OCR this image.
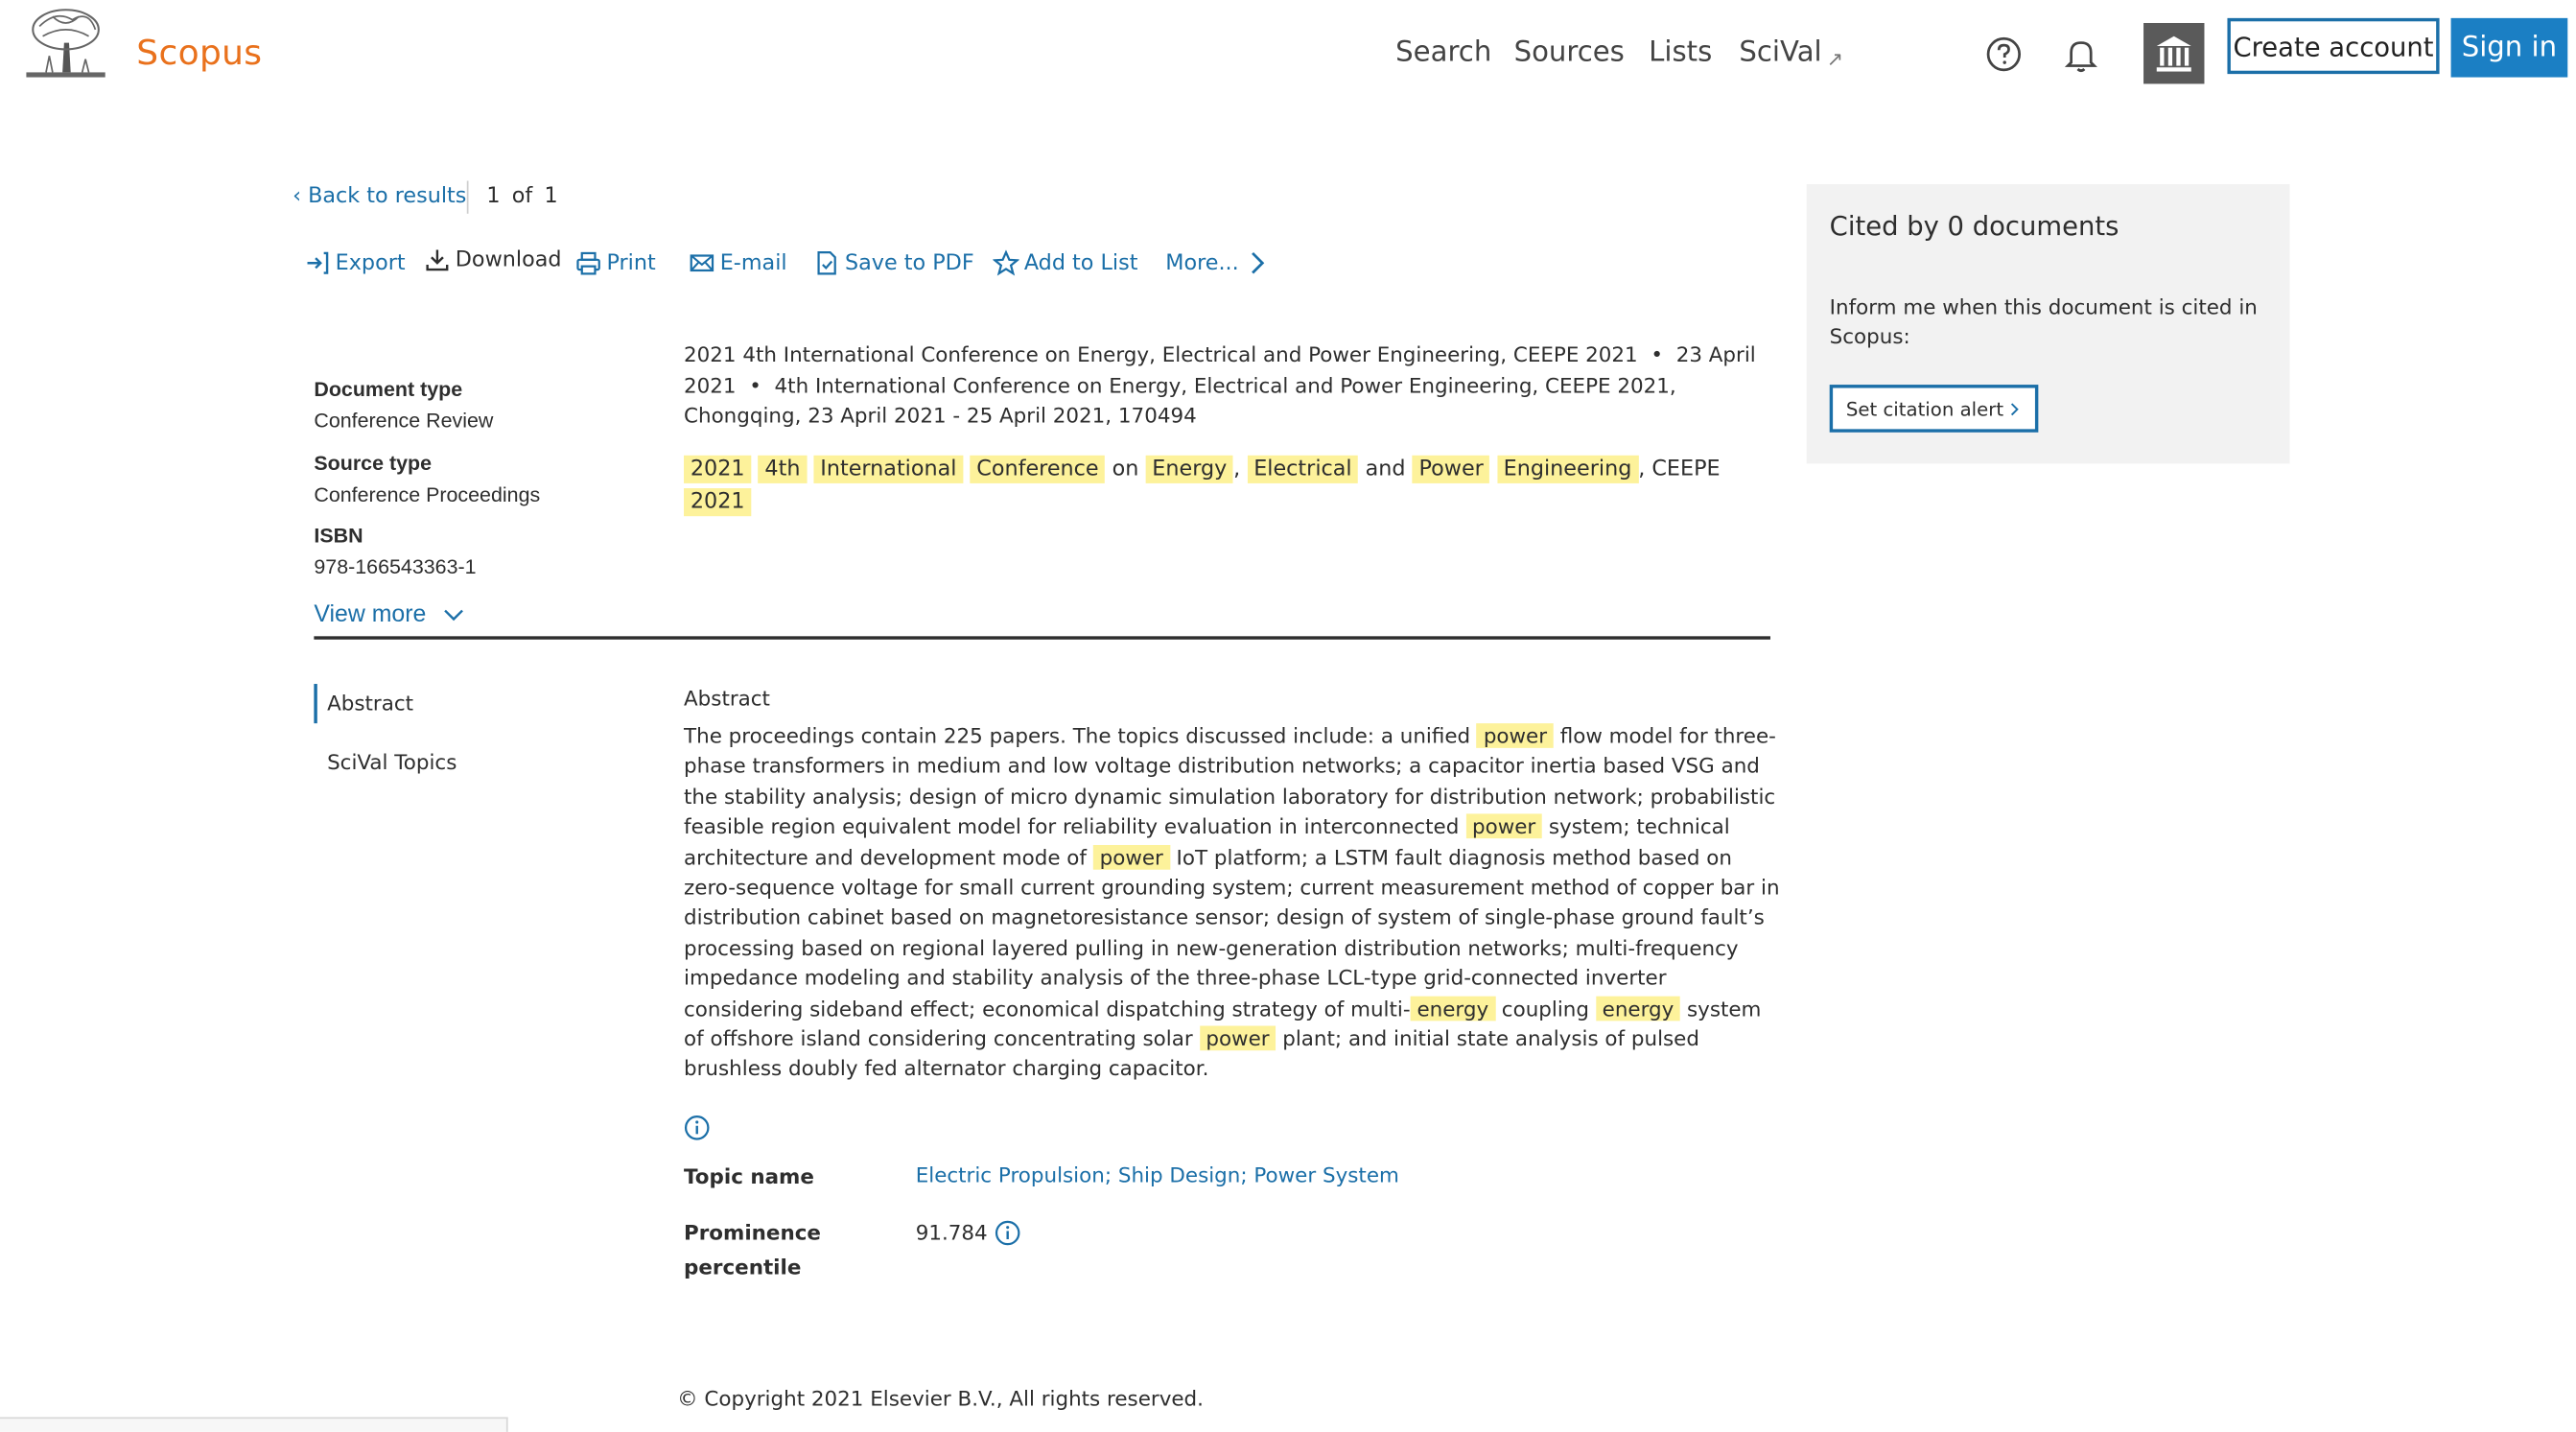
Scopus	Search Sources Lists SciVal ↗	Create account	Sign in
‹ Back to results 1 of 1
Export	Download	Print	E-mail	Save to PDF	Add to List More...
Document type
Conference Review
Source type
Conference Proceedings
ISBN
978-166543363-1
View more
2021 4th International Conference on Energy, Electrical and Power Engineering, CEEPE 2021 • 23 April 2021 • 4th International Conference on Energy, Electrical and Power Engineering, CEEPE 2021, Chongqing, 23 April 2021 - 25 April 2021, 170494
2021 4th International Conference on Energy , Electrical and Power Engineering , CEEPE 2021
Abstract
SciVal Topics
Abstract
The proceedings contain 225 papers. The topics discussed include: a unified power flow model for three-phase transformers in medium and low voltage distribution networks; a capacitor inertia based VSG and the stability analysis; design of micro dynamic simulation laboratory for distribution network; probabilistic feasible region equivalent model for reliability evaluation in interconnected power system; technical architecture and development mode of power IoT platform; a LSTM fault diagnosis method based on zero-sequence voltage for small current grounding system; current measurement method of copper bar in distribution cabinet based on magnetoresistance sensor; design of system of single-phase ground fault’s processing based on regional layered pulling in new-generation distribution networks; multi-frequency impedance modeling and stability analysis of the three-phase LCL-type grid-connected inverter considering sideband effect; economical dispatching strategy of multi- energy coupling energy system of offshore island considering concentrating solar power plant; and initial state analysis of pulsed brushless doubly fed alternator charging capacitor.
Topic name	Electric Propulsion; Ship Design; Power System
Prominence
percentile
91.784
© Copyright 2021 Elsevier B.V., All rights reserved.
Cited by 0 documents
Inform me when this document is cited in Scopus:
Set citation alert
